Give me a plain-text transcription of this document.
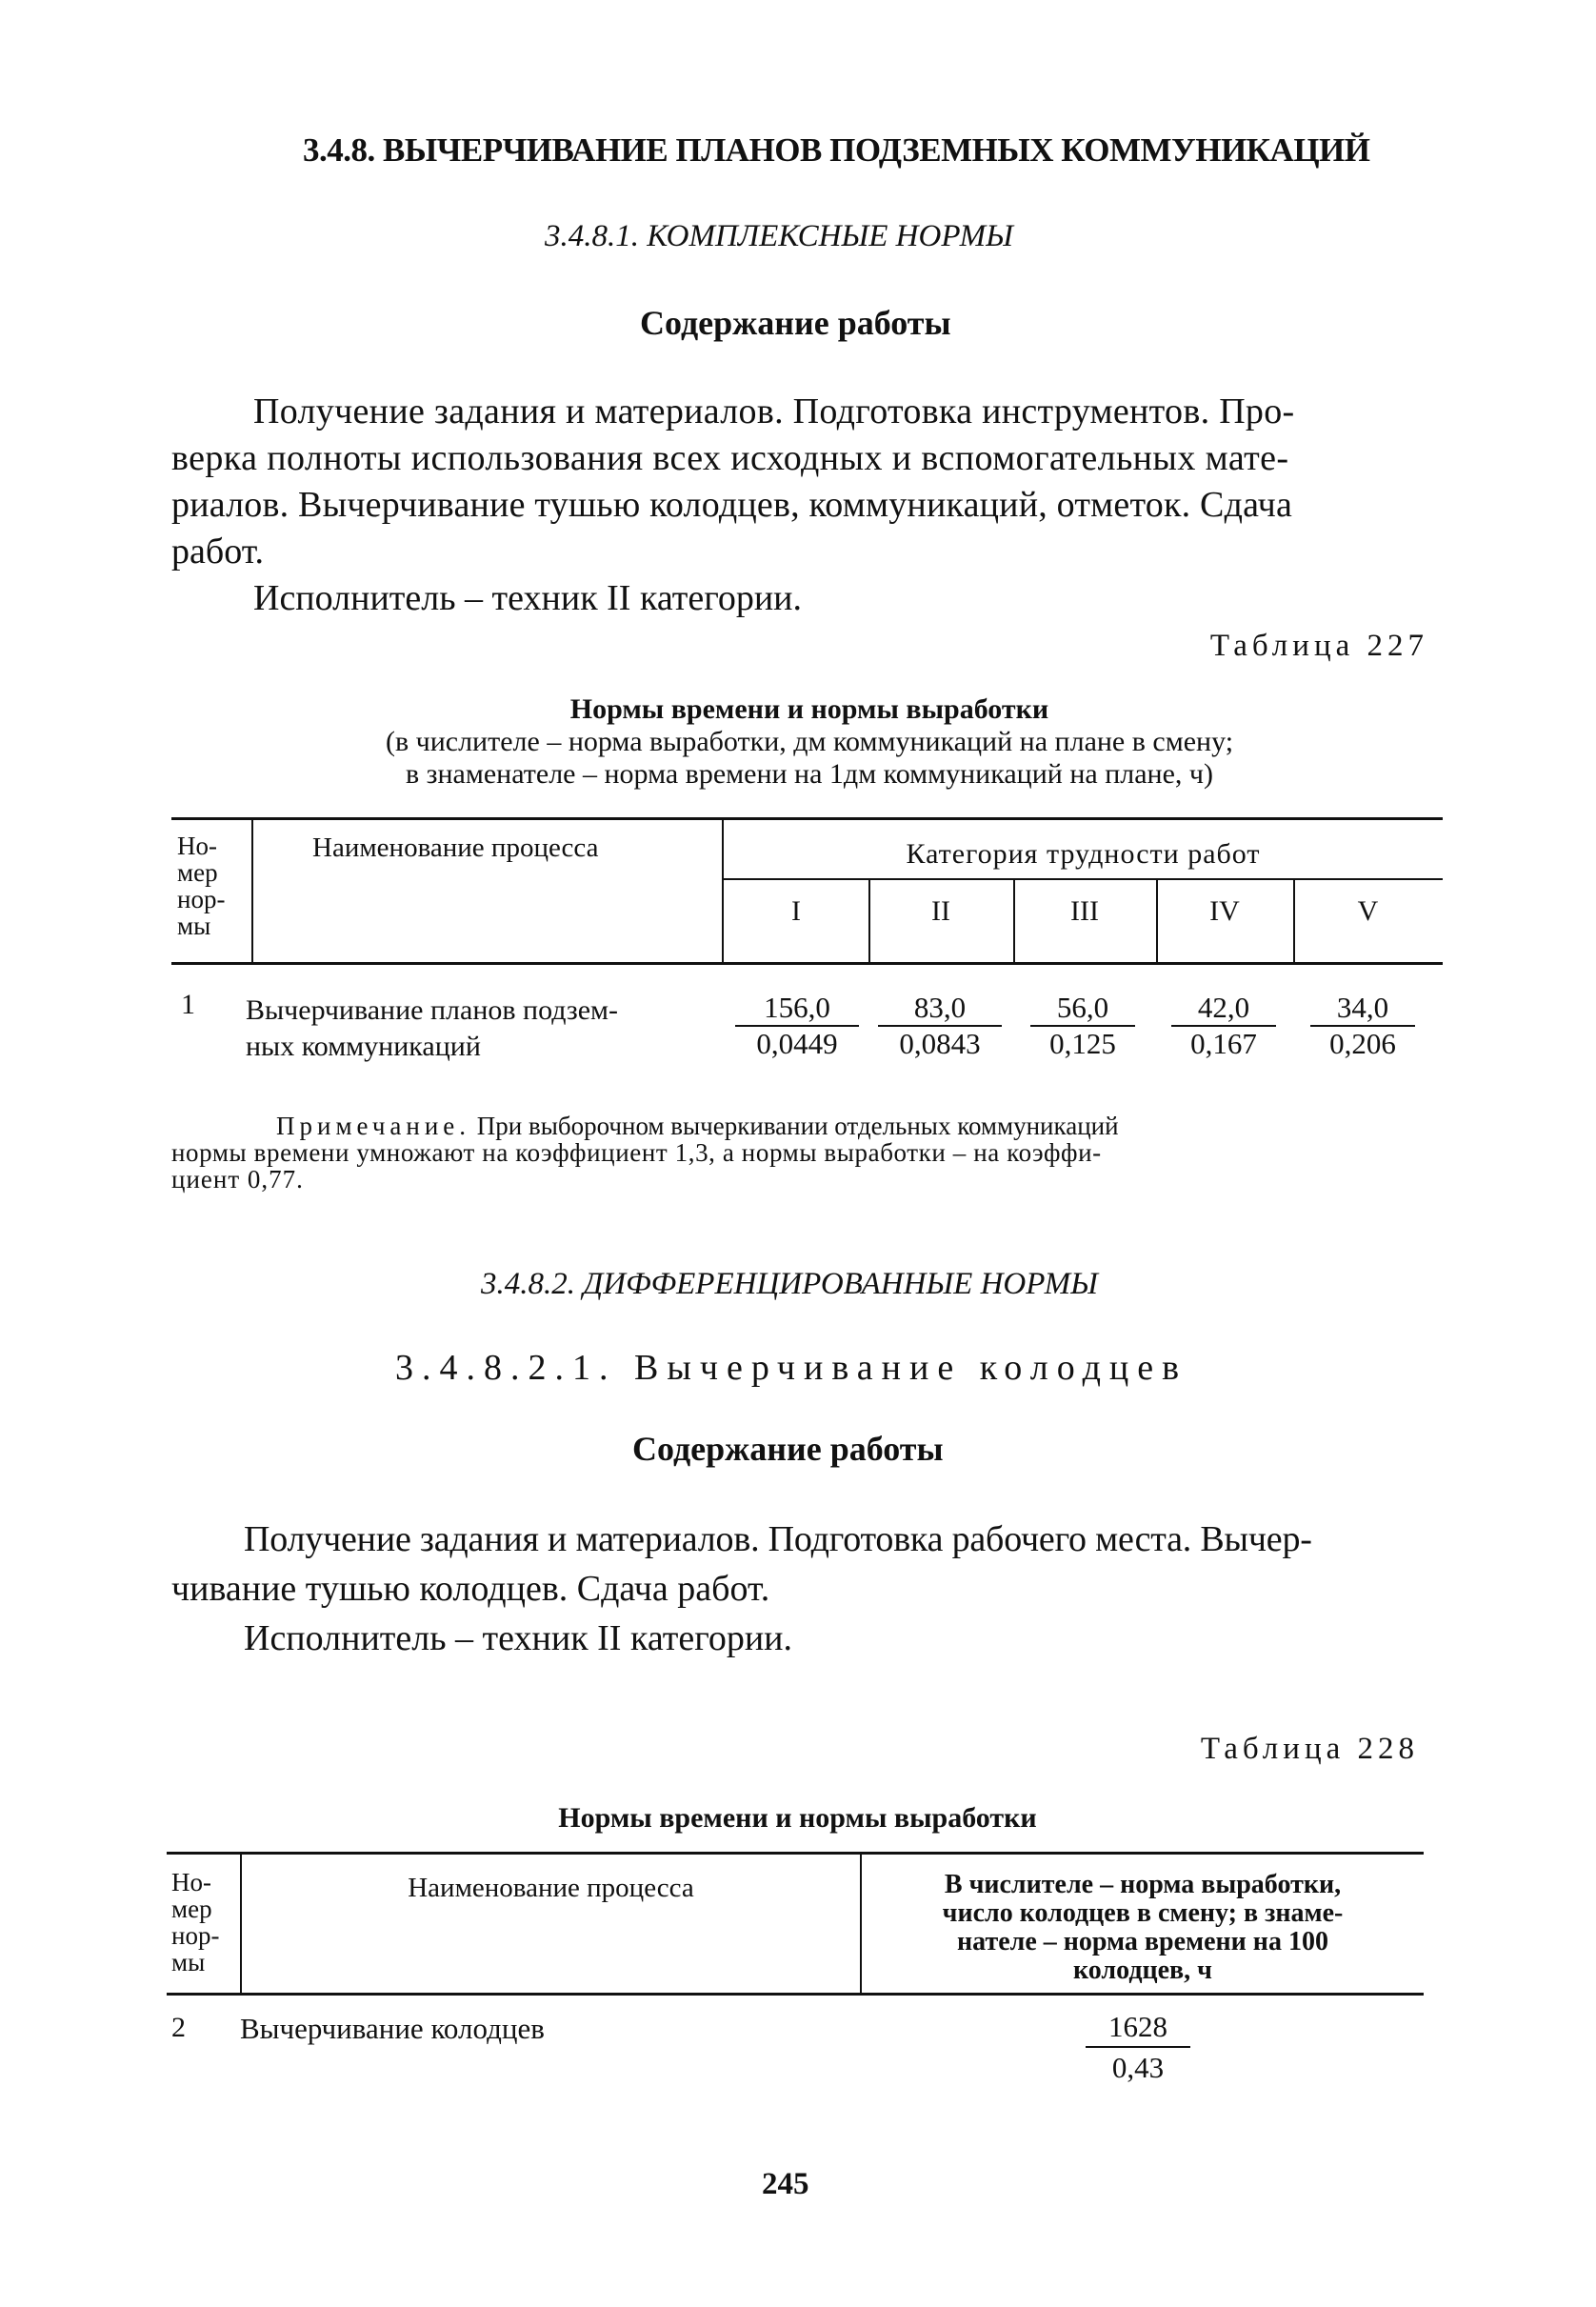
3.4.8. ВЫЧЕРЧИВАНИЕ ПЛАНОВ ПОДЗЕМНЫХ КОММУНИКАЦИЙ
3.4.8.1. КОМПЛЕКСНЫЕ НОРМЫ
Содержание работы
Получение задания и материалов. Подготовка инструментов. Про-
верка полноты использования всех исходных и вспомогательных мате-
риалов. Вычерчивание тушью колодцев, коммуникаций, отметок. Сдача
работ.
Исполнитель – техник II категории.
Таблица 227
Нормы времени и нормы выработки
(в числителе – норма выработки, дм коммуникаций на плане в смену;
в знаменателе – норма времени на 1дм коммуникаций на плане, ч)
Но-
мер
нор-
мы
Наименование процесса	Категория трудности работ
I	II	III	IV	V
1 Вычерчивание планов подзем-
ных коммуникаций	$\frac{156,0}{0,0449} \frac{83,0}{0,0843} \frac{56,0}{0,125} \frac{42,0}{0,167} \frac{34,0}{0,206}$
Примечание. При выборочном вычеркивании отдельных коммуникаций
нормы времени умножают на коэффициент 1,3, а нормы выработки – на коэффи-
циент 0,77.
3.4.8.2. ДИФФЕРЕНЦИРОВАННЫЕ НОРМЫ
3.4.8.2.1. Вычерчивание колодцев
Содержание работы
Получение задания и материалов. Подготовка рабочего места. Вычер-
чивание тушью колодцев. Сдача работ.
Исполнитель – техник II категории.
Таблица 228
Нормы времени и нормы выработки
Но-
мер
нор-
мы
Наименование процесса	В числителе – норма выработки,
число колодцев в смену; в знаме-
нателе – норма времени на 100
колодцев, ч
2 Вычерчивание колодцев	$\frac{1628}{0,43}$
245
